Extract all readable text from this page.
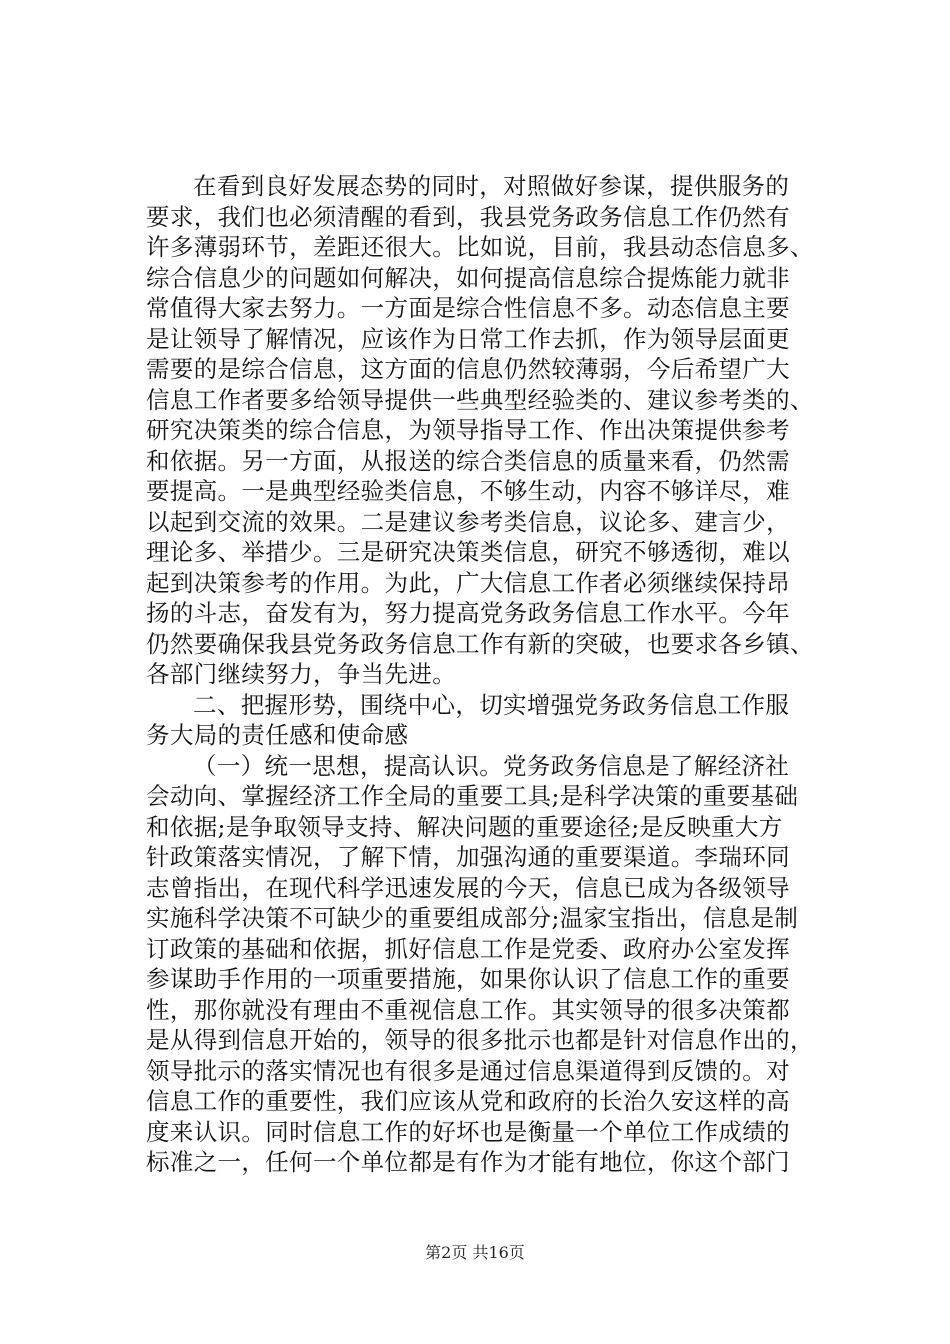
在看到良好发展态势的同时，对照做好参谋，提供服务的
要求，我们也必须清醒的看到，我县党务政务信息工作仍然有
许多薄弱环节，差距还很大。比如说，目前，我县动态信息多、
综合信息少的问题如何解决，如何提高信息综合提炼能力就非
常值得大家去努力。一方面是综合性信息不多。动态信息主要
是让领导了解情况，应该作为日常工作去抓，作为领导层面更
需要的是综合信息，这方面的信息仍然较薄弱，今后希望广大
信息工作者要多给领导提供一些典型经验类的、建议参考类的、
研究决策类的综合信息，为领导指导工作、作出决策提供参考
和依据。另一方面，从报送的综合类信息的质量来看，仍然需
要提高。一是典型经验类信息，不够生动，内容不够详尽，难
以起到交流的效果。二是建议参考类信息，议论多、建言少，
理论多、举措少。三是研究决策类信息，研究不够透彻，难以
起到决策参考的作用。为此，广大信息工作者必须继续保持昂
扬的斗志，奋发有为，努力提高党务政务信息工作水平。今年
仍然要确保我县党务政务信息工作有新的突破，也要求各乡镇、
各部门继续努力，争当先进。
二、把握形势，围绕中心，切实增强党务政务信息工作服
务大局的责任感和使命感
（一）统一思想，提高认识。党务政务信息是了解经济社
会动向、掌握经济工作全局的重要工具;是科学决策的重要基础
和依据;是争取领导支持、解决问题的重要途径;是反映重大方
针政策落实情况，了解下情，加强沟通的重要渠道。李瑞环同
志曾指出，在现代科学迅速发展的今天，信息已成为各级领导
实施科学决策不可缺少的重要组成部分;温家宝指出，信息是制
订政策的基础和依据，抓好信息工作是党委、政府办公室发挥
参谋助手作用的一项重要措施，如果你认识了信息工作的重要
性，那你就没有理由不重视信息工作。其实领导的很多决策都
是从得到信息开始的，领导的很多批示也都是针对信息作出的，
领导批示的落实情况也有很多是通过信息渠道得到反馈的。对
信息工作的重要性，我们应该从党和政府的长治久安这样的高
度来认识。同时信息工作的好坏也是衡量一个单位工作成绩的
标准之一，任何一个单位都是有作为才能有地位，你这个部门
第2页 共16页
